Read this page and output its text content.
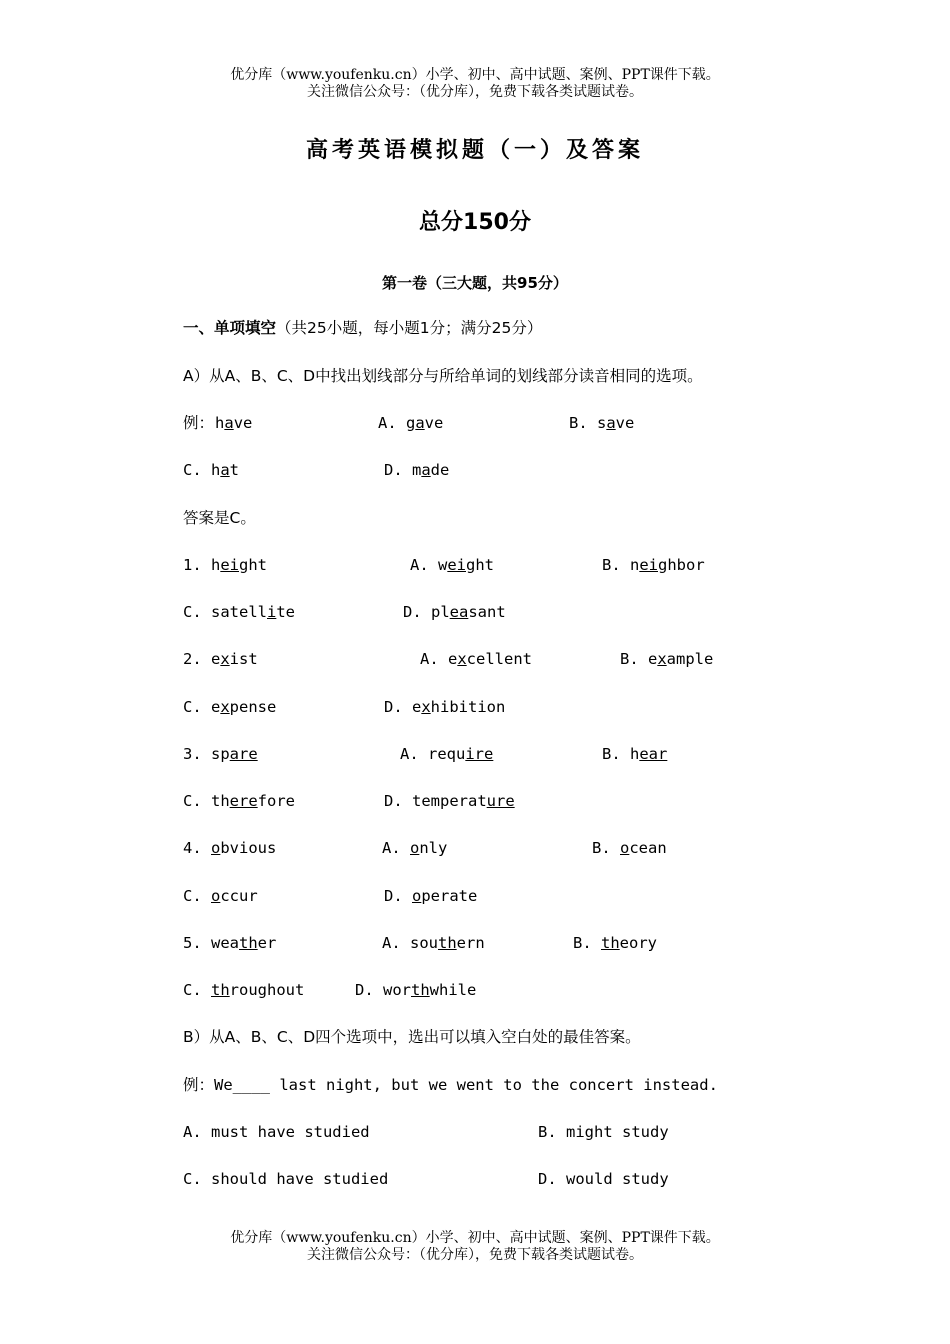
优分库（www.youfenku.cn）小学、初中、高中试题、案例、PPT课件下载。
关注微信公众号：（优分库），免费下载各类试题试卷。
高考英语模拟题（一）及答案
总分150分
第一卷（三大题，共95分）
一、单项填空（共25小题，每小题1分；满分25分）
A）从A、B、C、D中找出划线部分与所给单词的划线部分读音相同的选项。
例： have	A. gave	B. save
C. hat	D. made
答案是C。
1. height	A. weight	B. neighbor
C. satellite	D. pleasant
2. exist	A. excellent	B. example
C. expense	D. exhibition
3. spare	A. require	B. hear
C. therefore	D. temperature
4. obvious	A. only	B. ocean
C. occur	D. operate
5. weather	A. southern	B. theory
C. throughout	D. worthwhile
B）从A、B、C、D四个选项中，选出可以填入空白处的最佳答案。
例：We____ last night, but we went to the concert instead.
A. must have studied	B. might study
C. should have studied	D. would study
优分库（www.youfenku.cn）小学、初中、高中试题、案例、PPT课件下载。
关注微信公众号：（优分库），免费下载各类试题试卷。
